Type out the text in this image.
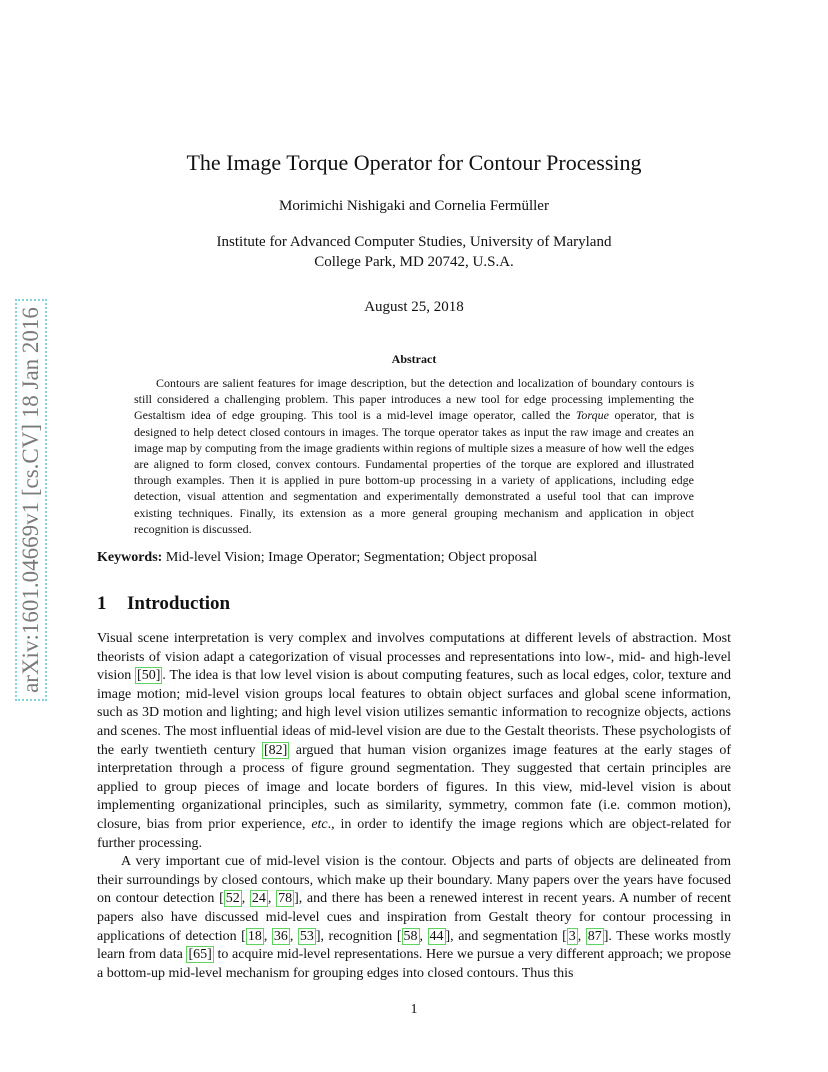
arXiv:1601.04669v1 [cs.CV] 18 Jan 2016
The Image Torque Operator for Contour Processing
Morimichi Nishigaki and Cornelia Fermüller
Institute for Advanced Computer Studies, University of Maryland
College Park, MD 20742, U.S.A.
August 25, 2018
Abstract

Contours are salient features for image description, but the detection and localization of boundary contours is still considered a challenging problem. This paper introduces a new tool for edge processing implementing the Gestaltism idea of edge grouping. This tool is a mid-level image operator, called the Torque operator, that is designed to help detect closed contours in images. The torque operator takes as input the raw image and creates an image map by computing from the image gradients within regions of multiple sizes a measure of how well the edges are aligned to form closed, convex contours. Fundamental properties of the torque are explored and illustrated through examples. Then it is applied in pure bottom-up processing in a variety of applications, including edge detection, visual attention and segmentation and experimentally demonstrated a useful tool that can improve existing techniques. Finally, its extension as a more general grouping mechanism and application in object recognition is discussed.

Keywords: Mid-level Vision; Image Operator; Segmentation; Object proposal
1 Introduction

Visual scene interpretation is very complex and involves computations at different levels of abstraction. Most theorists of vision adapt a categorization of visual processes and representations into low-, mid- and high-level vision [50] . The idea is that low level vision is about computing features, such as local edges, color, texture and image motion; mid-level vision groups local features to obtain object surfaces and global scene information, such as 3D motion and lighting; and high level vision utilizes semantic information to recognize objects, actions and scenes. The most influential ideas of mid-level vision are due to the Gestalt theorists. These psychologists of the early twentieth century [82] argued that human vision organizes image features at the early stages of interpretation through a process of figure ground segmentation. They suggested that certain principles are applied to group pieces of image and locate borders of figures. In this view, mid-level vision is about implementing organizational principles, such as similarity, symmetry, common fate (i.e. common motion), closure, bias from prior experience, etc., in order to identify the image regions which are object-related for further processing.

A very important cue of mid-level vision is the contour. Objects and parts of objects are delineated from their surroundings by closed contours, which make up their boundary. Many papers over the years have focused on contour detection [ 52 , 24 , 78 ], and there has been a renewed interest in recent years. A number of recent papers also have discussed mid-level cues and inspiration from Gestalt theory for contour processing in applications of detection [ 18 , 36 , 53 ], recognition [ 58 , 44 ], and segmentation [ 3 , 87 ]. These works mostly learn from data [65] to acquire mid-level representations. Here we pursue a very different approach; we propose a bottom-up mid-level mechanism for grouping edges into closed contours. Thus this

1
